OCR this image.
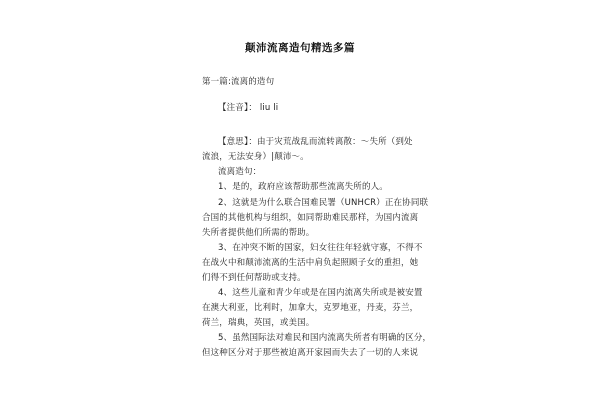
颠沛流离造句精选多篇
第一篇:流离的造句
【注音】： liu li
【意思】：由于灾荒战乱而流转离散：～失所（到处
流浪，无法安身）|颠沛～。
流离造句：
1、是的，政府应该帮助那些流离失所的人。
2、这就是为什么联合国难民署（UNHCR）正在协同联
合国的其他机构与组织，如同帮助难民那样，为国内流离
失所者提供他们所需的帮助。
3、在冲突不断的国家，妇女往往年轻就守寡，不得不
在战火中和颠沛流离的生活中肩负起照顾子女的重担，她
们得不到任何帮助或支持。
4、这些儿童和青少年或是在国内流离失所或是被安置
在澳大利亚，比利时，加拿大，克罗地亚，丹麦，芬兰，
荷兰，瑞典，英国，或美国。
5、虽然国际法对难民和国内流离失所者有明确的区分，
但这种区分对于那些被迫离开家园而失去了一切的人来说
